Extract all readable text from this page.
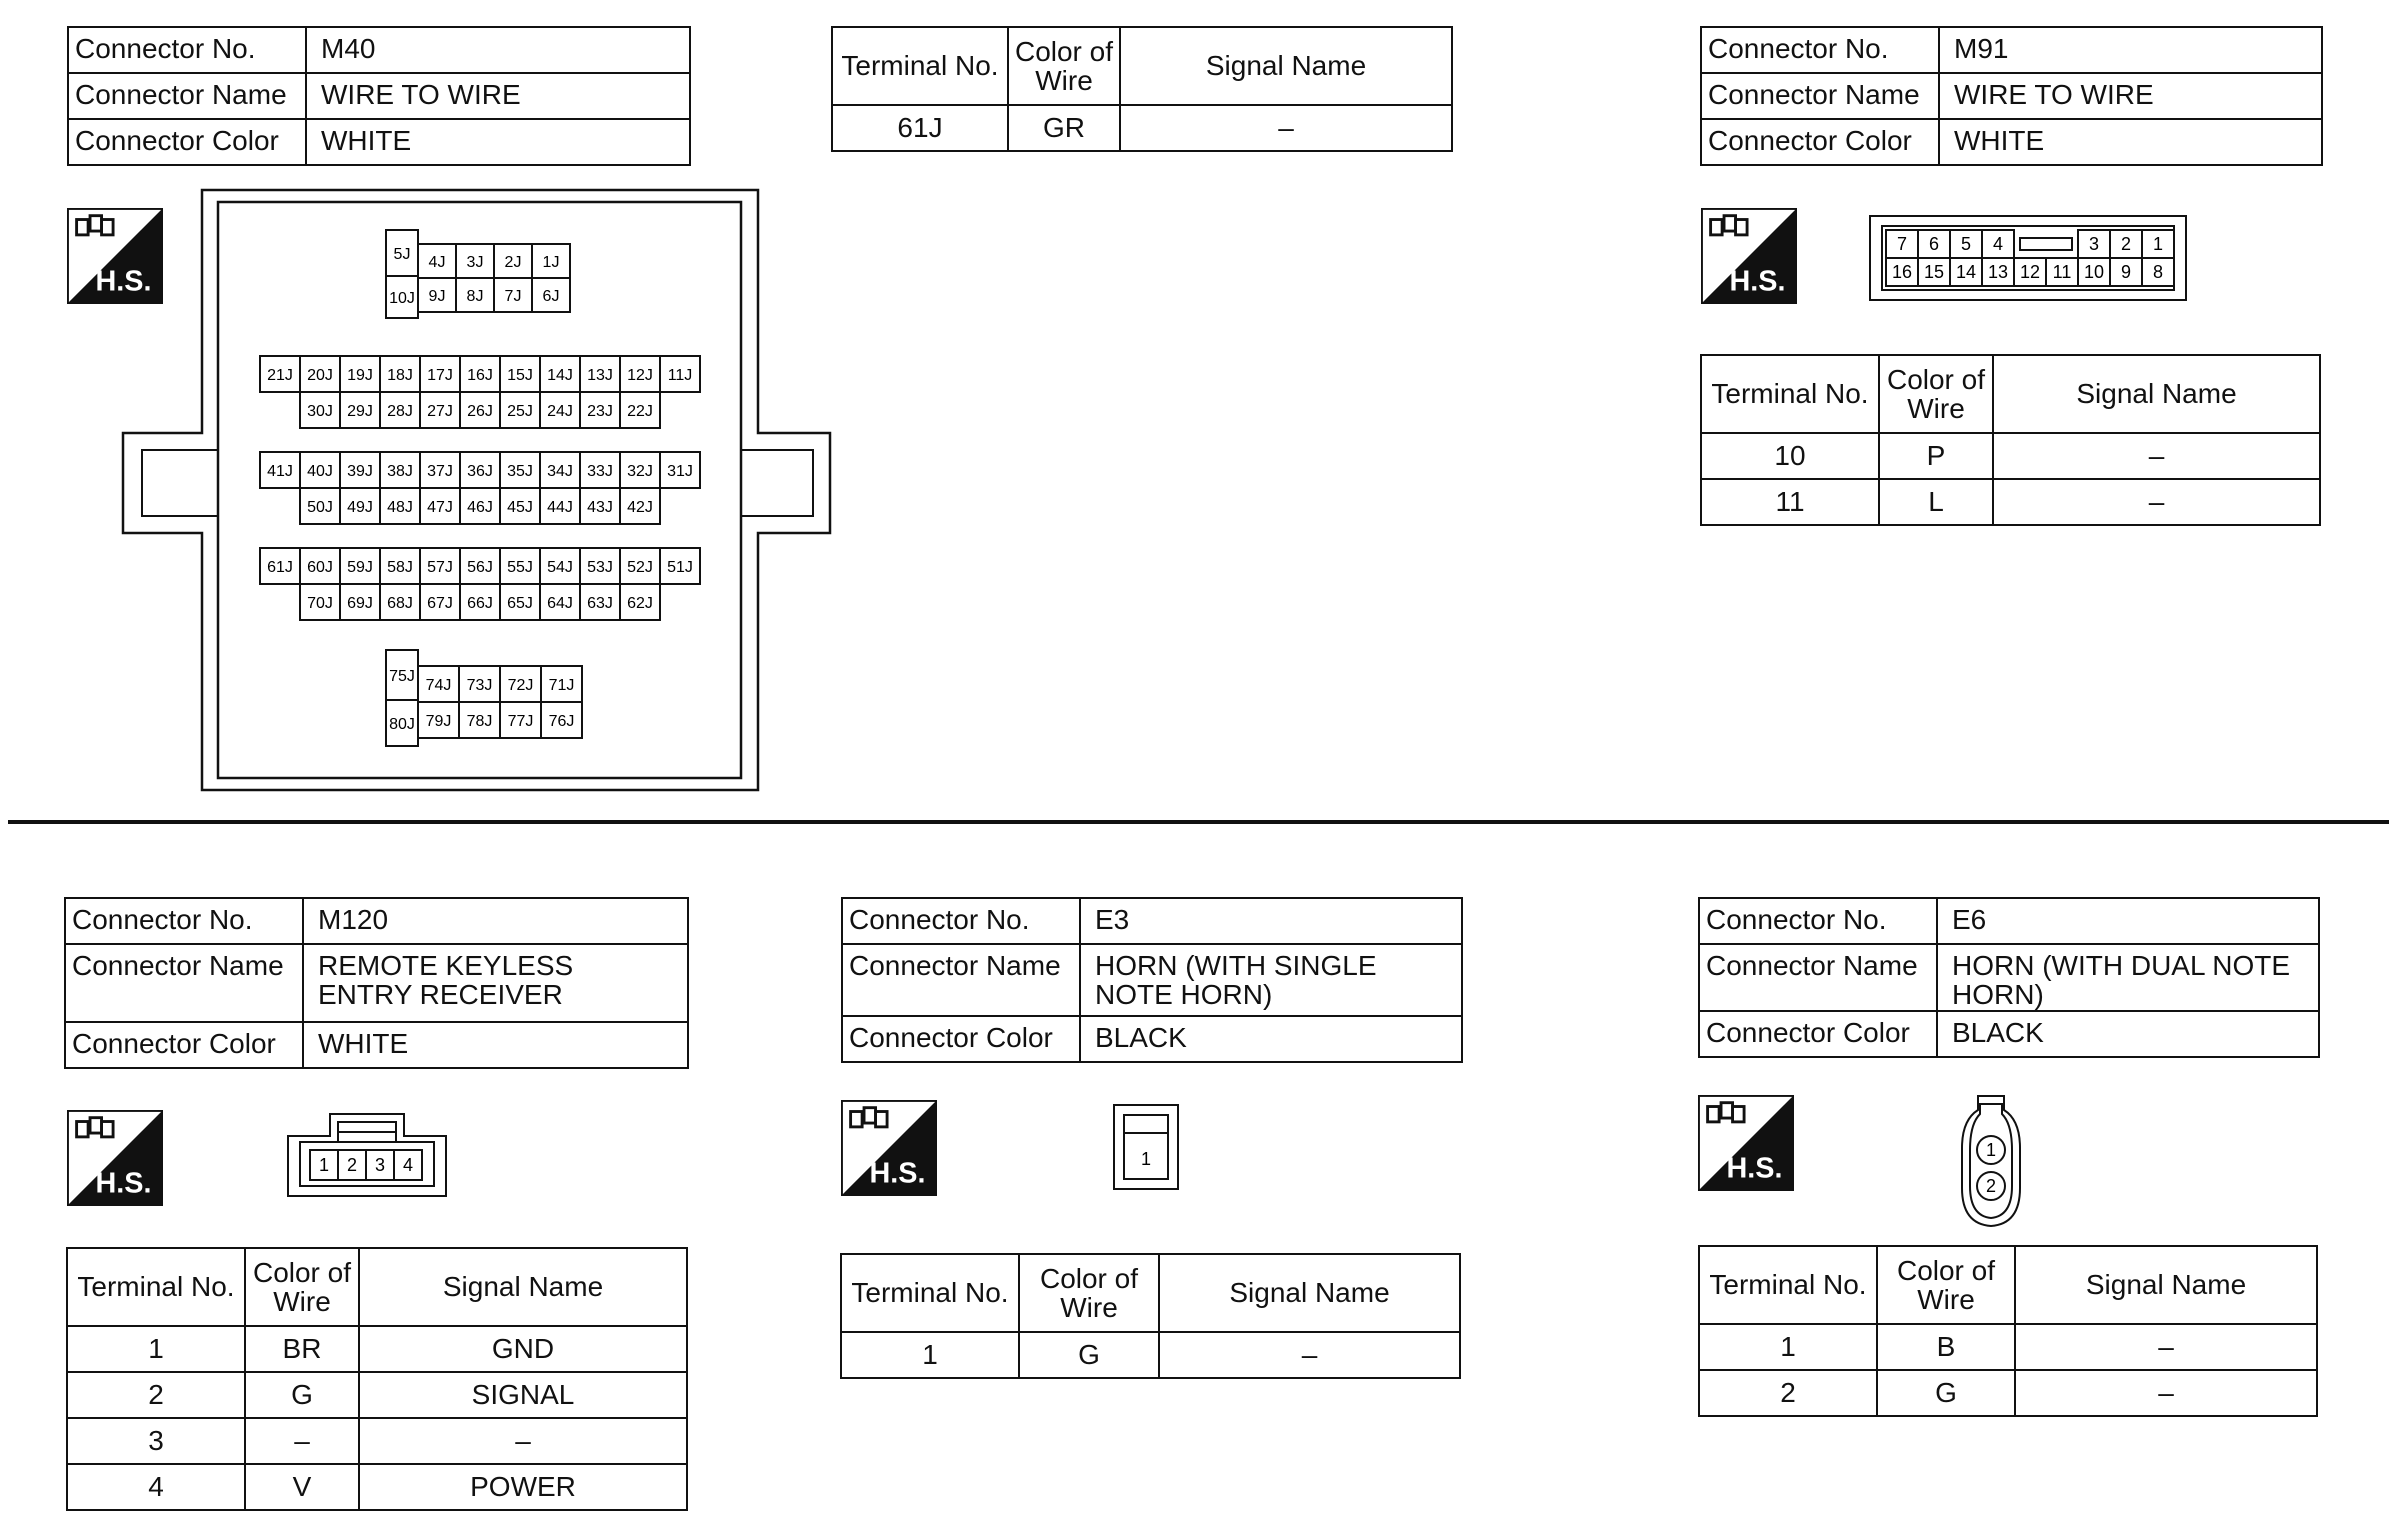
Connector No.	M40
Connector Name	WIRE TO WIRE
Connector Color	WHITE
Terminal No.	Color of Wire	Signal Name
61J	GR	–
H.S.
5J
10J
4J 3J 2J 1J
9J 8J 7J 6J
21J 20J 19J 18J 17J 16J 15J 14J 13J 12J 11J
30J 29J 28J 27J 26J 25J 24J 23J 22J
41J 40J 39J 38J 37J 36J 35J 34J 33J 32J 31J
50J 49J 48J 47J 46J 45J 44J 43J 42J
61J 60J 59J 58J 57J 56J 55J 54J 53J 52J 51J
70J 69J 68J 67J 66J 65J 64J 63J 62J
75J
80J
74J 73J 72J 71J
79J 78J 77J 76J
Connector No.	M91
Connector Name	WIRE TO WIRE
Connector Color	WHITE
H.S.
7 6 5 4	3 2 1
16 15 14 13 12 11 10 9 8
Terminal No.	Color of Wire	Signal Name
10	P	–
11	L	–
Connector No.	M120
Connector Name	REMOTE KEYLESS ENTRY RECEIVER
Connector Color	WHITE
H.S.
1 2 3 4
Terminal No.	Color of Wire	Signal Name
1	BR	GND
2	G	SIGNAL
3	–	–
4	V	POWER
Connector No.	E3
Connector Name	HORN (WITH SINGLE NOTE HORN)
Connector Color	BLACK
H.S.	1
Terminal No.	Color of Wire	Signal Name
1	G	–
Connector No.	E6
Connector Name	HORN (WITH DUAL NOTE HORN)
Connector Color	BLACK
H.S.
1
2
Terminal No.	Color of Wire	Signal Name
1	B	–
2	G	–
